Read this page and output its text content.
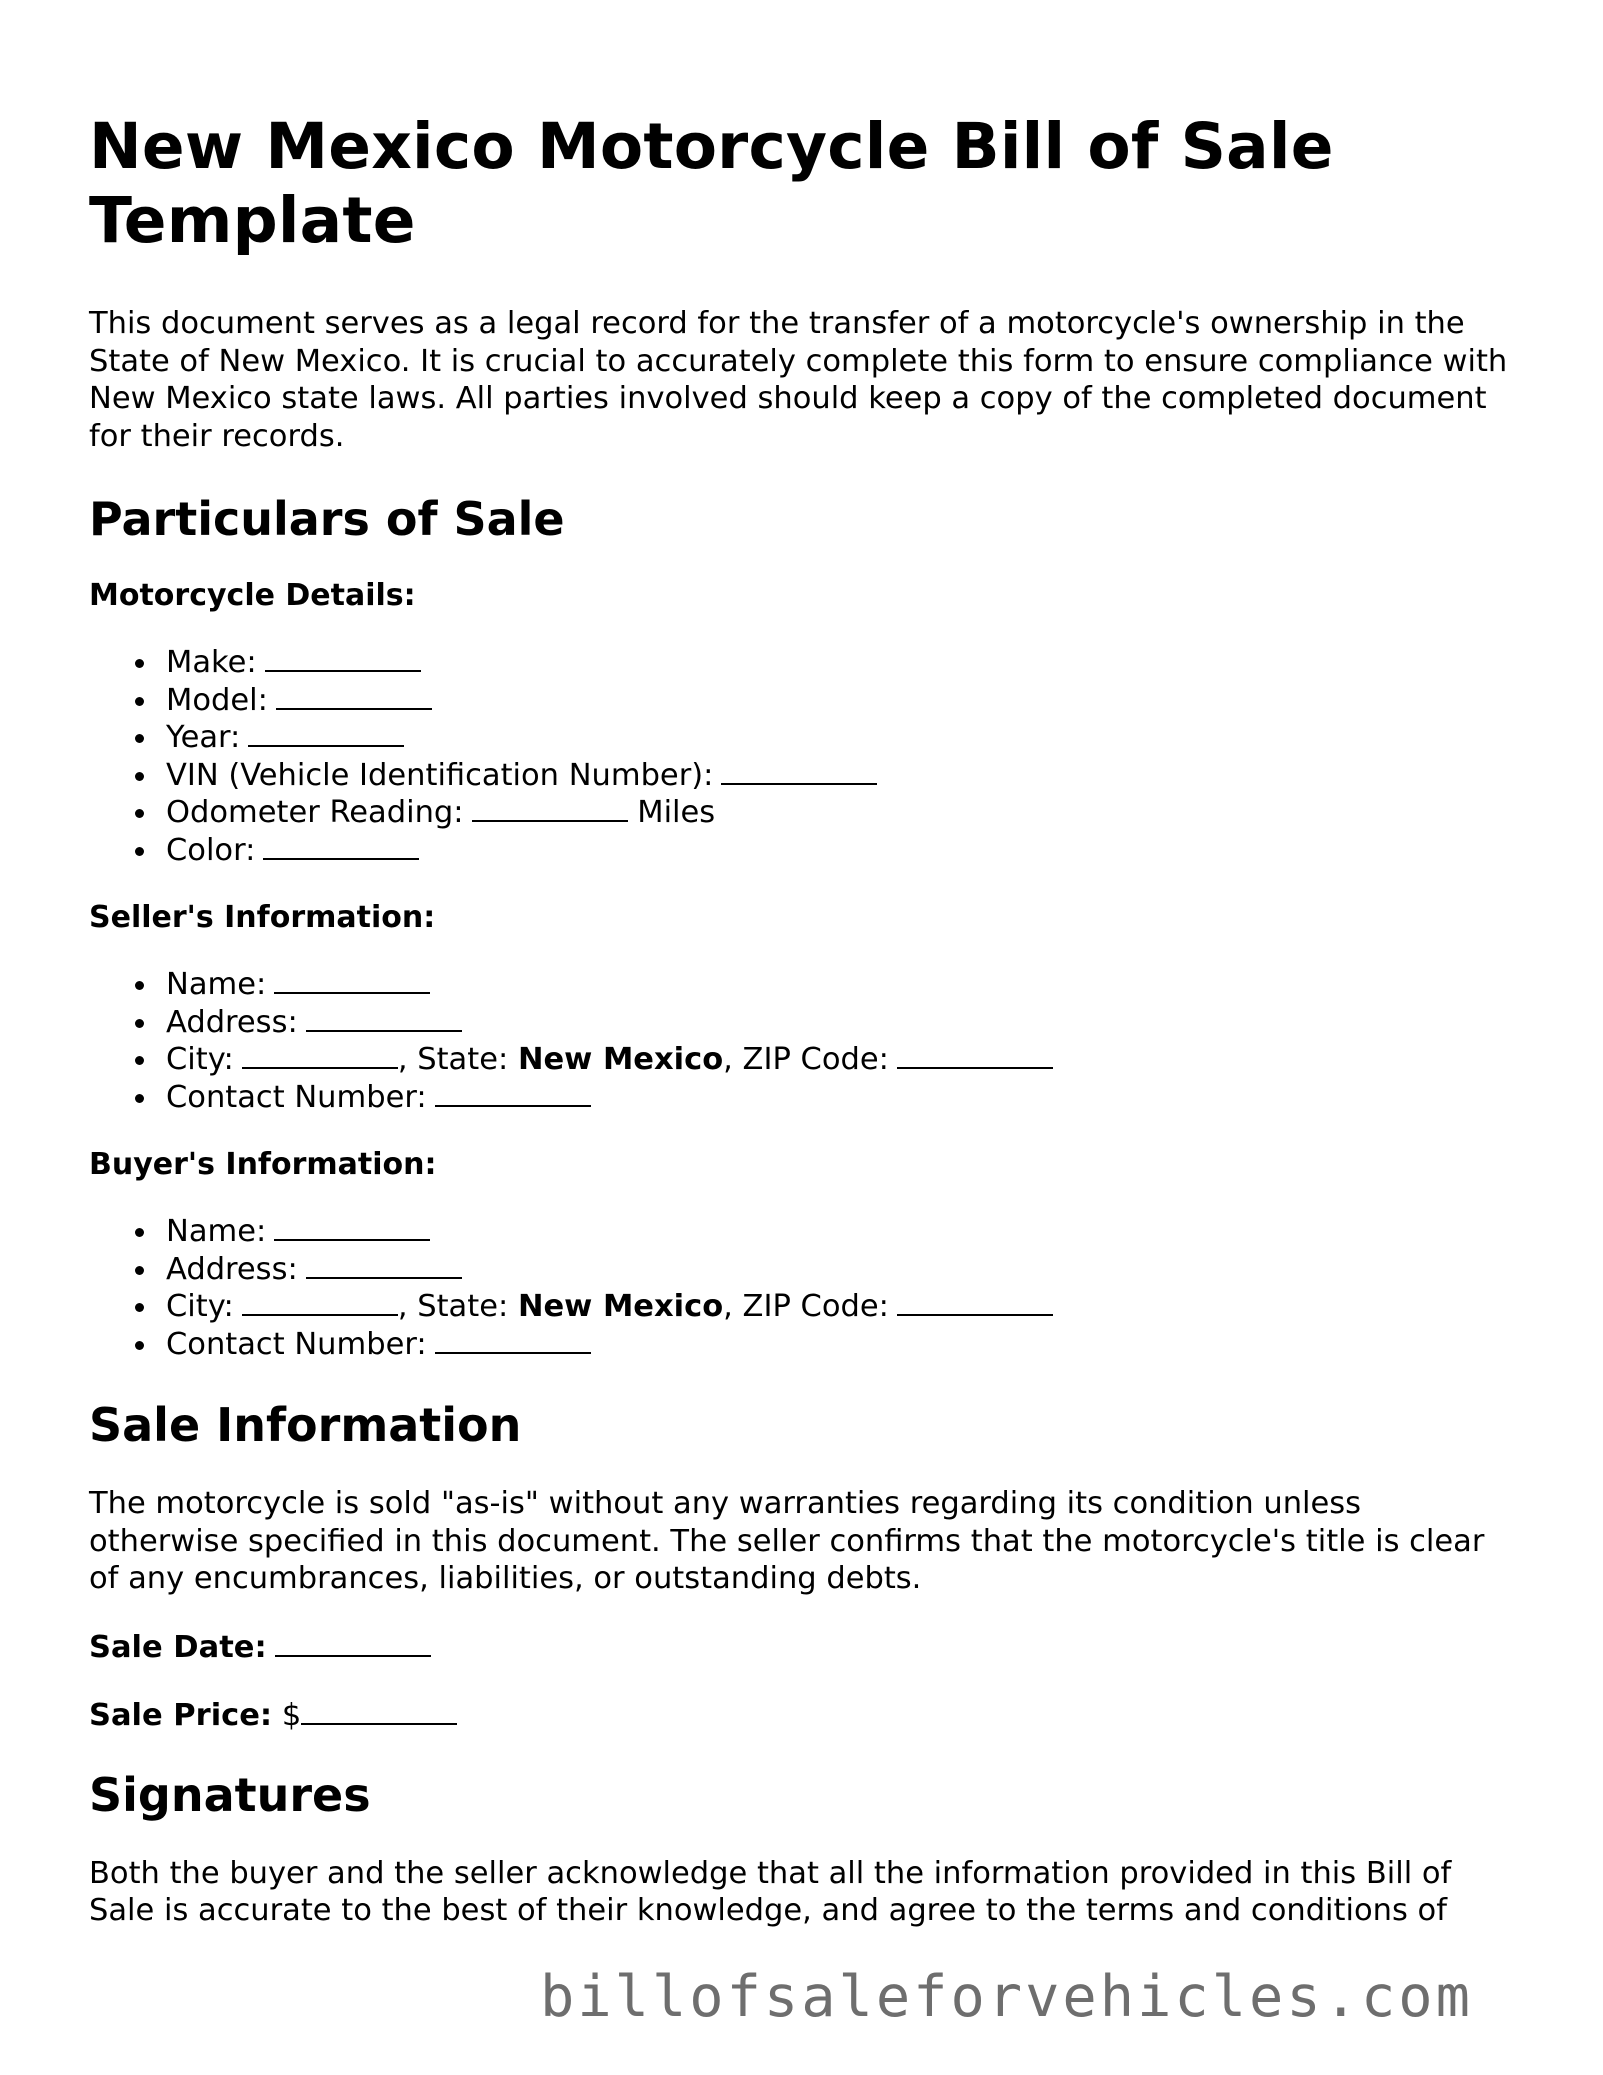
New Mexico Motorcycle Bill of Sale Template

This document serves as a legal record for the transfer of a motorcycle's ownership in the State of New Mexico. It is crucial to accurately complete this form to ensure compliance with New Mexico state laws. All parties involved should keep a copy of the completed document for their records.

Particulars of Sale
Motorcycle Details:
Make:
Model:
Year:
VIN (Vehicle Identification Number):
Odometer Reading:	Miles
Color:
Seller's Information:
Name:
Address:
City:	, State: New Mexico, ZIP Code:
Contact Number:
Buyer's Information:
Name:
Address:
City:	, State: New Mexico, ZIP Code:
Contact Number:
Sale Information

The motorcycle is sold "as-is" without any warranties regarding its condition unless otherwise specified in this document. The seller confirms that the motorcycle's title is clear of any encumbrances, liabilities, or outstanding debts.

Sale Date:

Sale Price: $

Signatures

Both the buyer and the seller acknowledge that all the information provided in this Bill of Sale is accurate to the best of their knowledge, and agree to the terms and conditions of

billofsaleforvehicles.com
